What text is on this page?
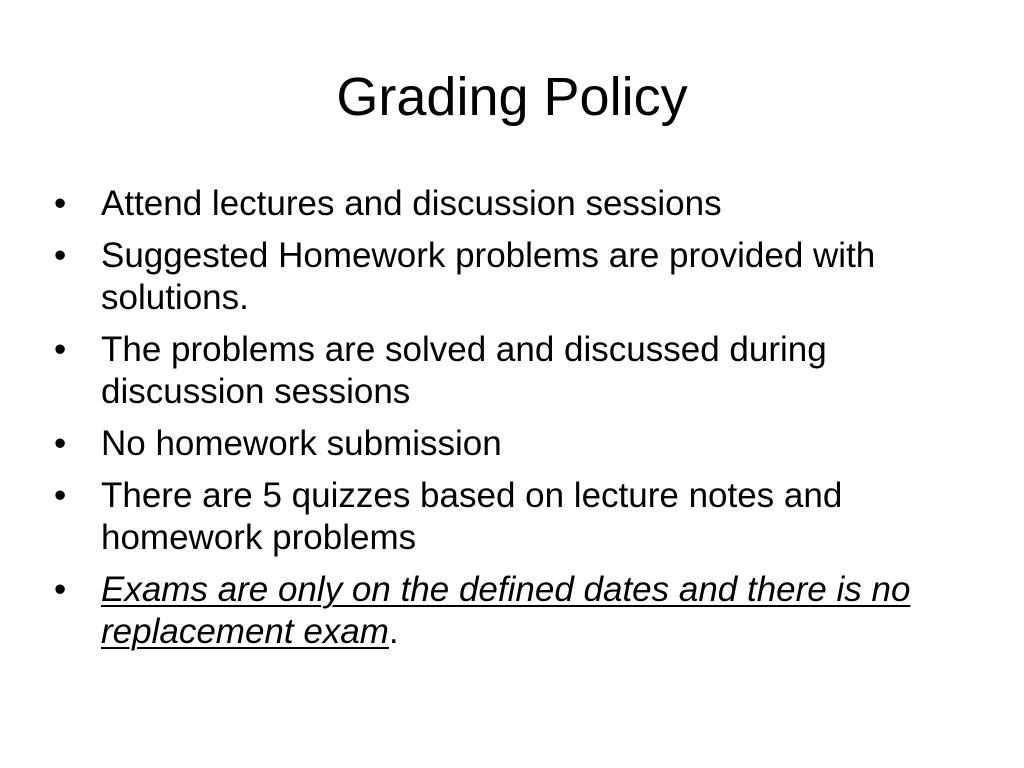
Grading Policy
• Attend lectures and discussion sessions
• Suggested Homework problems are provided with solutions.
• The problems are solved and discussed during discussion sessions
• No homework submission
• There are 5 quizzes based on lecture notes and homework problems
• Exams are only on the defined dates and there is no replacement exam.
